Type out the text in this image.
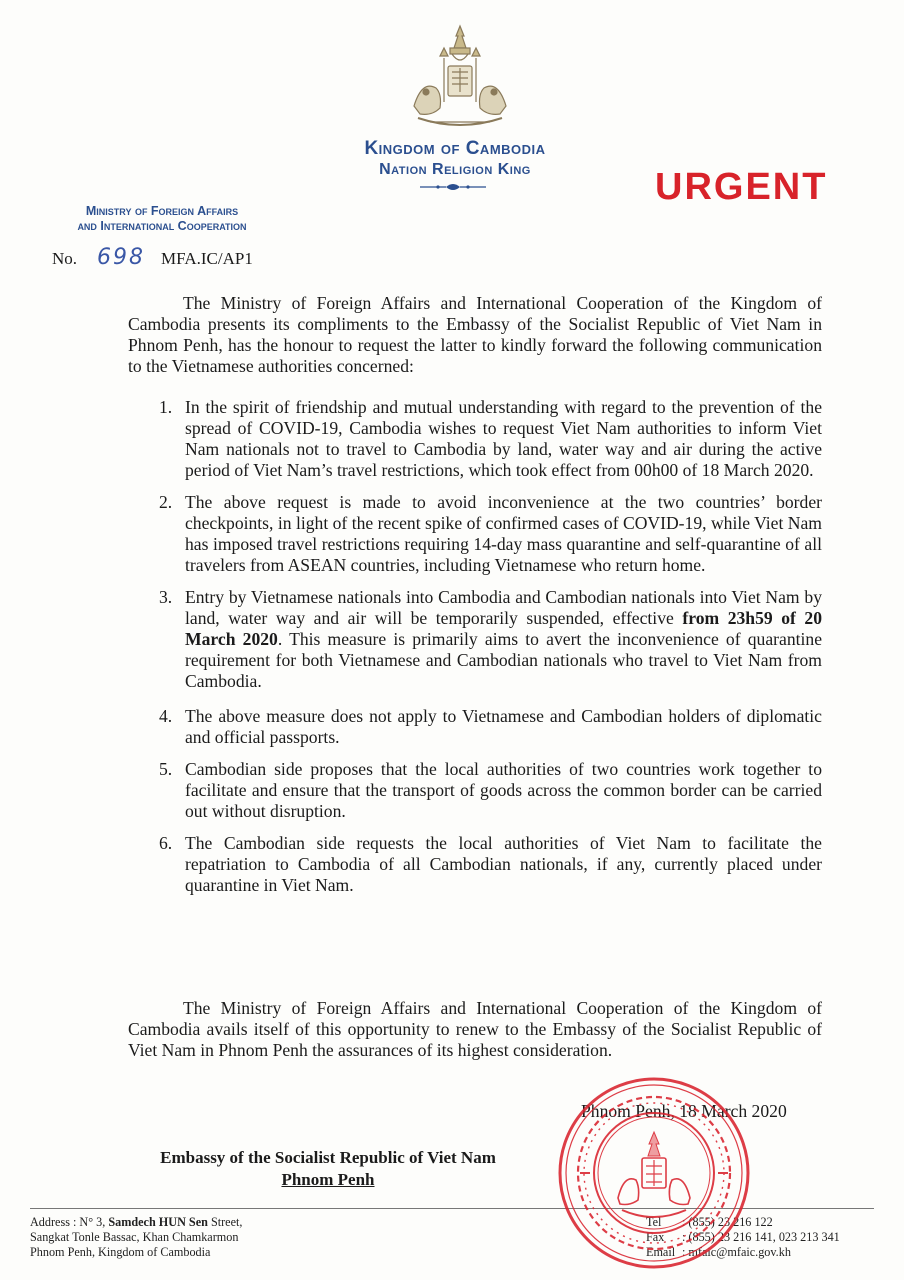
Kingdom of Cambodia
Nation Religion King	URGENT
Ministry of Foreign Affairs
and International Cooperation
No. 698 MFA.IC/AP1
The Ministry of Foreign Affairs and International Cooperation of the Kingdom of Cambodia presents its compliments to the Embassy of the Socialist Republic of Viet Nam in Phnom Penh, has the honour to request the latter to kindly forward the following communication to the Vietnamese authorities concerned:
1. In the spirit of friendship and mutual understanding with regard to the prevention of the spread of COVID-19, Cambodia wishes to request Viet Nam authorities to inform Viet Nam nationals not to travel to Cambodia by land, water way and air during the active period of Viet Nam’s travel restrictions, which took effect from 00h00 of 18 March 2020.
2. The above request is made to avoid inconvenience at the two countries’ border checkpoints, in light of the recent spike of confirmed cases of COVID-19, while Viet Nam has imposed travel restrictions requiring 14-day mass quarantine and self-quarantine of all travelers from ASEAN countries, including Vietnamese who return home.
3. Entry by Vietnamese nationals into Cambodia and Cambodian nationals into Viet Nam by land, water way and air will be temporarily suspended, effective from 23h59 of 20 March 2020. This measure is primarily aims to avert the inconvenience of quarantine requirement for both Vietnamese and Cambodian nationals who travel to Viet Nam from Cambodia.
4. The above measure does not apply to Vietnamese and Cambodian holders of diplomatic and official passports.
5. Cambodian side proposes that the local authorities of two countries work together to facilitate and ensure that the transport of goods across the common border can be carried out without disruption.
6. The Cambodian side requests the local authorities of Viet Nam to facilitate the repatriation to Cambodia of all Cambodian nationals, if any, currently placed under quarantine in Viet Nam.
The Ministry of Foreign Affairs and International Cooperation of the Kingdom of Cambodia avails itself of this opportunity to renew to the Embassy of the Socialist Republic of Viet Nam in Phnom Penh the assurances of its highest consideration.
Phnom Penh, 18 March 2020
Embassy of the Socialist Republic of Viet Nam
Phnom Penh
Address : N° 3, Samdech HUN Sen Street,
Sangkat Tonle Bassac, Khan Chamkarmon
Phnom Penh, Kingdom of Cambodia
Tel : (855) 23 216 122
Fax : (855) 23 216 141, 023 213 341
Email : mfaic@mfaic.gov.kh
